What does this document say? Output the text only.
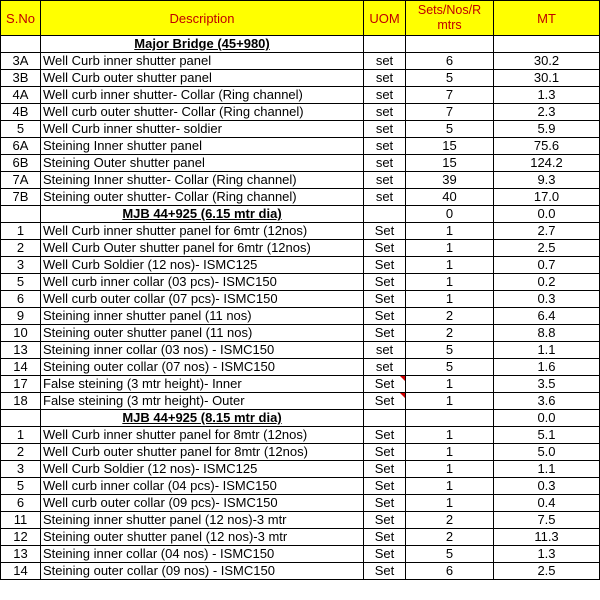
S.No	Description	UOM	Sets/Nos/R mtrs	MT
	Major Bridge (45+980)			
3A	Well Curb inner shutter panel	set	6	30.2
3B	Well Curb outer shutter panel	set	5	30.1
4A	Well curb inner shutter- Collar (Ring channel)	set	7	1.3
4B	Well curb outer shutter- Collar (Ring channel)	set	7	2.3
5	Well Curb inner shutter- soldier	set	5	5.9
6A	Steining Inner shutter panel	set	15	75.6
6B	Steining Outer shutter panel	set	15	124.2
7A	Steining Inner shutter- Collar (Ring channel)	set	39	9.3
7B	Steining outer shutter- Collar (Ring channel)	set	40	17.0
	MJB 44+925 (6.15 mtr dia)		0	0.0
1	Well Curb inner shutter panel for 6mtr (12nos)	Set	1	2.7
2	Well Curb Outer shutter panel for 6mtr (12nos)	Set	1	2.5
3	Well Curb Soldier (12 nos)- ISMC125	Set	1	0.7
5	Well curb inner collar (03 pcs)- ISMC150	Set	1	0.2
6	Well curb outer collar (07 pcs)- ISMC150	Set	1	0.3
9	Steining inner shutter panel (11 nos)	Set	2	6.4
10	Steining outer shutter panel (11 nos)	Set	2	8.8
13	Steining inner collar (03 nos) - ISMC150	set	5	1.1
14	Steining outer collar (07 nos) - ISMC150	set	5	1.6
17	False steining (3 mtr height)- Inner	Set	1	3.5
18	False steining (3 mtr height)- Outer	Set	1	3.6
	MJB 44+925 (8.15 mtr dia)			0.0
1	Well Curb inner shutter panel for 8mtr (12nos)	Set	1	5.1
2	Well Curb outer shutter panel for 8mtr (12nos)	Set	1	5.0
3	Well Curb Soldier (12 nos)- ISMC125	Set	1	1.1
5	Well curb inner collar (04 pcs)- ISMC150	Set	1	0.3
6	Well curb outer collar (09 pcs)- ISMC150	Set	1	0.4
11	Steining inner shutter panel (12 nos)-3 mtr	Set	2	7.5
12	Steining outer shutter panel (12 nos)-3 mtr	Set	2	11.3
13	Steining inner collar (04 nos) - ISMC150	Set	5	1.3
14	Steining outer collar (09 nos) - ISMC150	Set	6	2.5
